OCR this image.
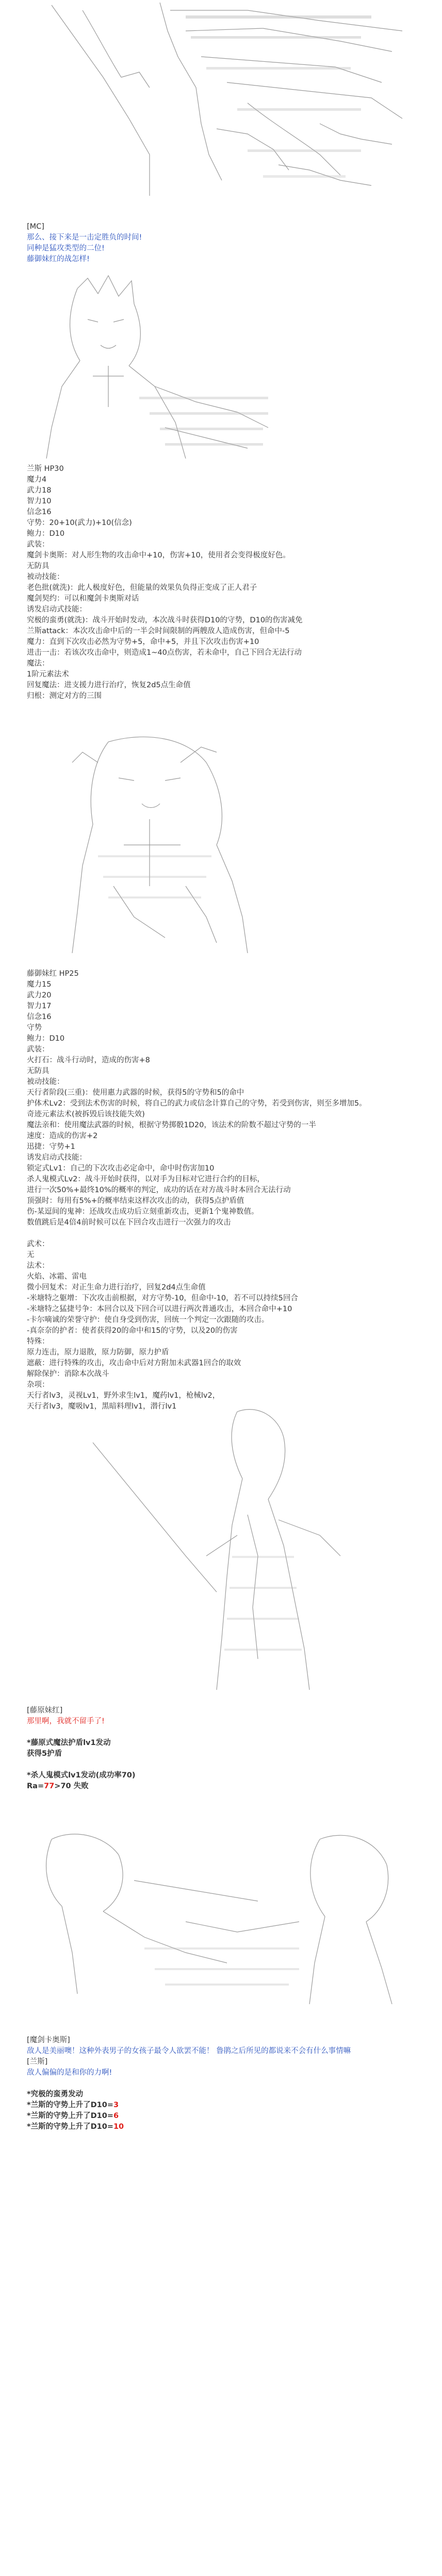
[MC]
那么、接下来是一击定胜负的时间!
同种是猛攻类型的二位!
藤御妹红的战怎样!
兰斯 HP30
魔力4
武力18
智力10
信念16
守势：20+10(武力)+10(信念)
鲍力：D10
武装：
魔剑卡奥斯：对人形生物的攻击命中+10，伤害+10，使用者会变得极度好色。
无防具
被动技能：
老色批(就洗)：此人极度好色，但能量的效果负负得正变成了正人君子
魔剑契约：可以和魔剑卡奥斯对话
诱发启动式技能：
究极的蛮勇(就洗)：战斗开始时发动，本次战斗时获得D10的守势，D10的伤害减免
兰斯attack：本次攻击命中后的一半会时间限制的两艘敌人造成伤害，但命中-5
魔力：直到下次攻击必然为守势+5，命中+5，并且下次攻击伤害+10
进击一击：若该次攻击命中，则造成1~40点伤害，若未命中，自己下回合无法行动
魔法：
1阶元素法术
回复魔法：进支援力进行治疗，恢复2d5点生命值
归根：测定对方的三围
藤御妹红 HP25
魔力15
武力20
智力17
信念16
守势
鲍力：D10
武装：
火打石：战斗行动时，造成的伤害+8
无防具
被动技能：
天行者阶段(三重)：使用惠力武器的时候，获得5的守势和5的命中
护体术Lv2：受到法术伤害的时候，将自己的武力或信念计算自己的守势，若受到伤害，则至多增加5。
奇迹元素法术(被拆毁后该技能失效)
魔法亲和：使用魔法武器的时候，根据守势掷骰1D20，该法术的阶数不超过守势的一半
速度：造成的伤害+2
迅捷：守势+1
诱发启动式技能：
锁定式Lv1：自己的下次攻击必定命中，命中时伤害加10
杀人鬼模式Lv2：战斗开始时获得，以对手为目标对它进行合约的目标，
进行一次50%+最终10%的概率的判定，成功的话在对方战斗时本回合无法行动
顶强时：每用有5%+的概率结束这样次攻击的动，获得5点护盾值
伤-某逗间的鬼神：还战攻击成功后立刻重新攻击，更新1个鬼神数值。
数值跳后是4倍4前时候可以在下回合攻击进行一次强力的攻击
武术：
无
法术：
火焰、冰霜、雷电
微小回复术：对正生命力进行治疗，回复2d4点生命值
-米塘特之躯增：下次攻击前根据，对方守势-10，但命中-10，若不可以持续5回合
-米塘特之猛捷号争：本回合以及下回合可以进行两次普通攻击，本回合命中+10
-卡尔嘀诚的荣誉守护：使自身受到伤害，回统一个判定一次跟随的攻击。
-真奈奈的护者：使者获得20的命中和15的守势，以及20的伤害
特殊：
原力连击，原力退散，原力防御，原力护盾
遮蔽：进行特殊的攻击，攻击命中后对方附加未武器1回合的取效
解除保护：消除本次战斗
杂项：
天行者lv3，灵视Lv1，野外求生lv1，魔药lv1，枪械lv2，
天行者lv3，魔吸lv1，黑暗料理lv1，潜行lv1
[藤原妹红]
那里啊，我就不留手了!
*藤原式魔法护盾lv1发动
获得5护盾
*杀人鬼模式lv1发动(成功率70)
Ra=77>70 失败
[魔剑卡奥斯]
敌人是美丽噢！这种外表男子的女孩子最令人欲罢不能！ 鲁鹃之后所见的都说来不会有什么事情嘛
[兰斯]
敌人偏偏的是和你的力啊!
*究极的蛮勇发动
*兰斯的守势上升了D10=3
*兰斯的守势上升了D10=6
*兰斯的守势上升了D10=10
